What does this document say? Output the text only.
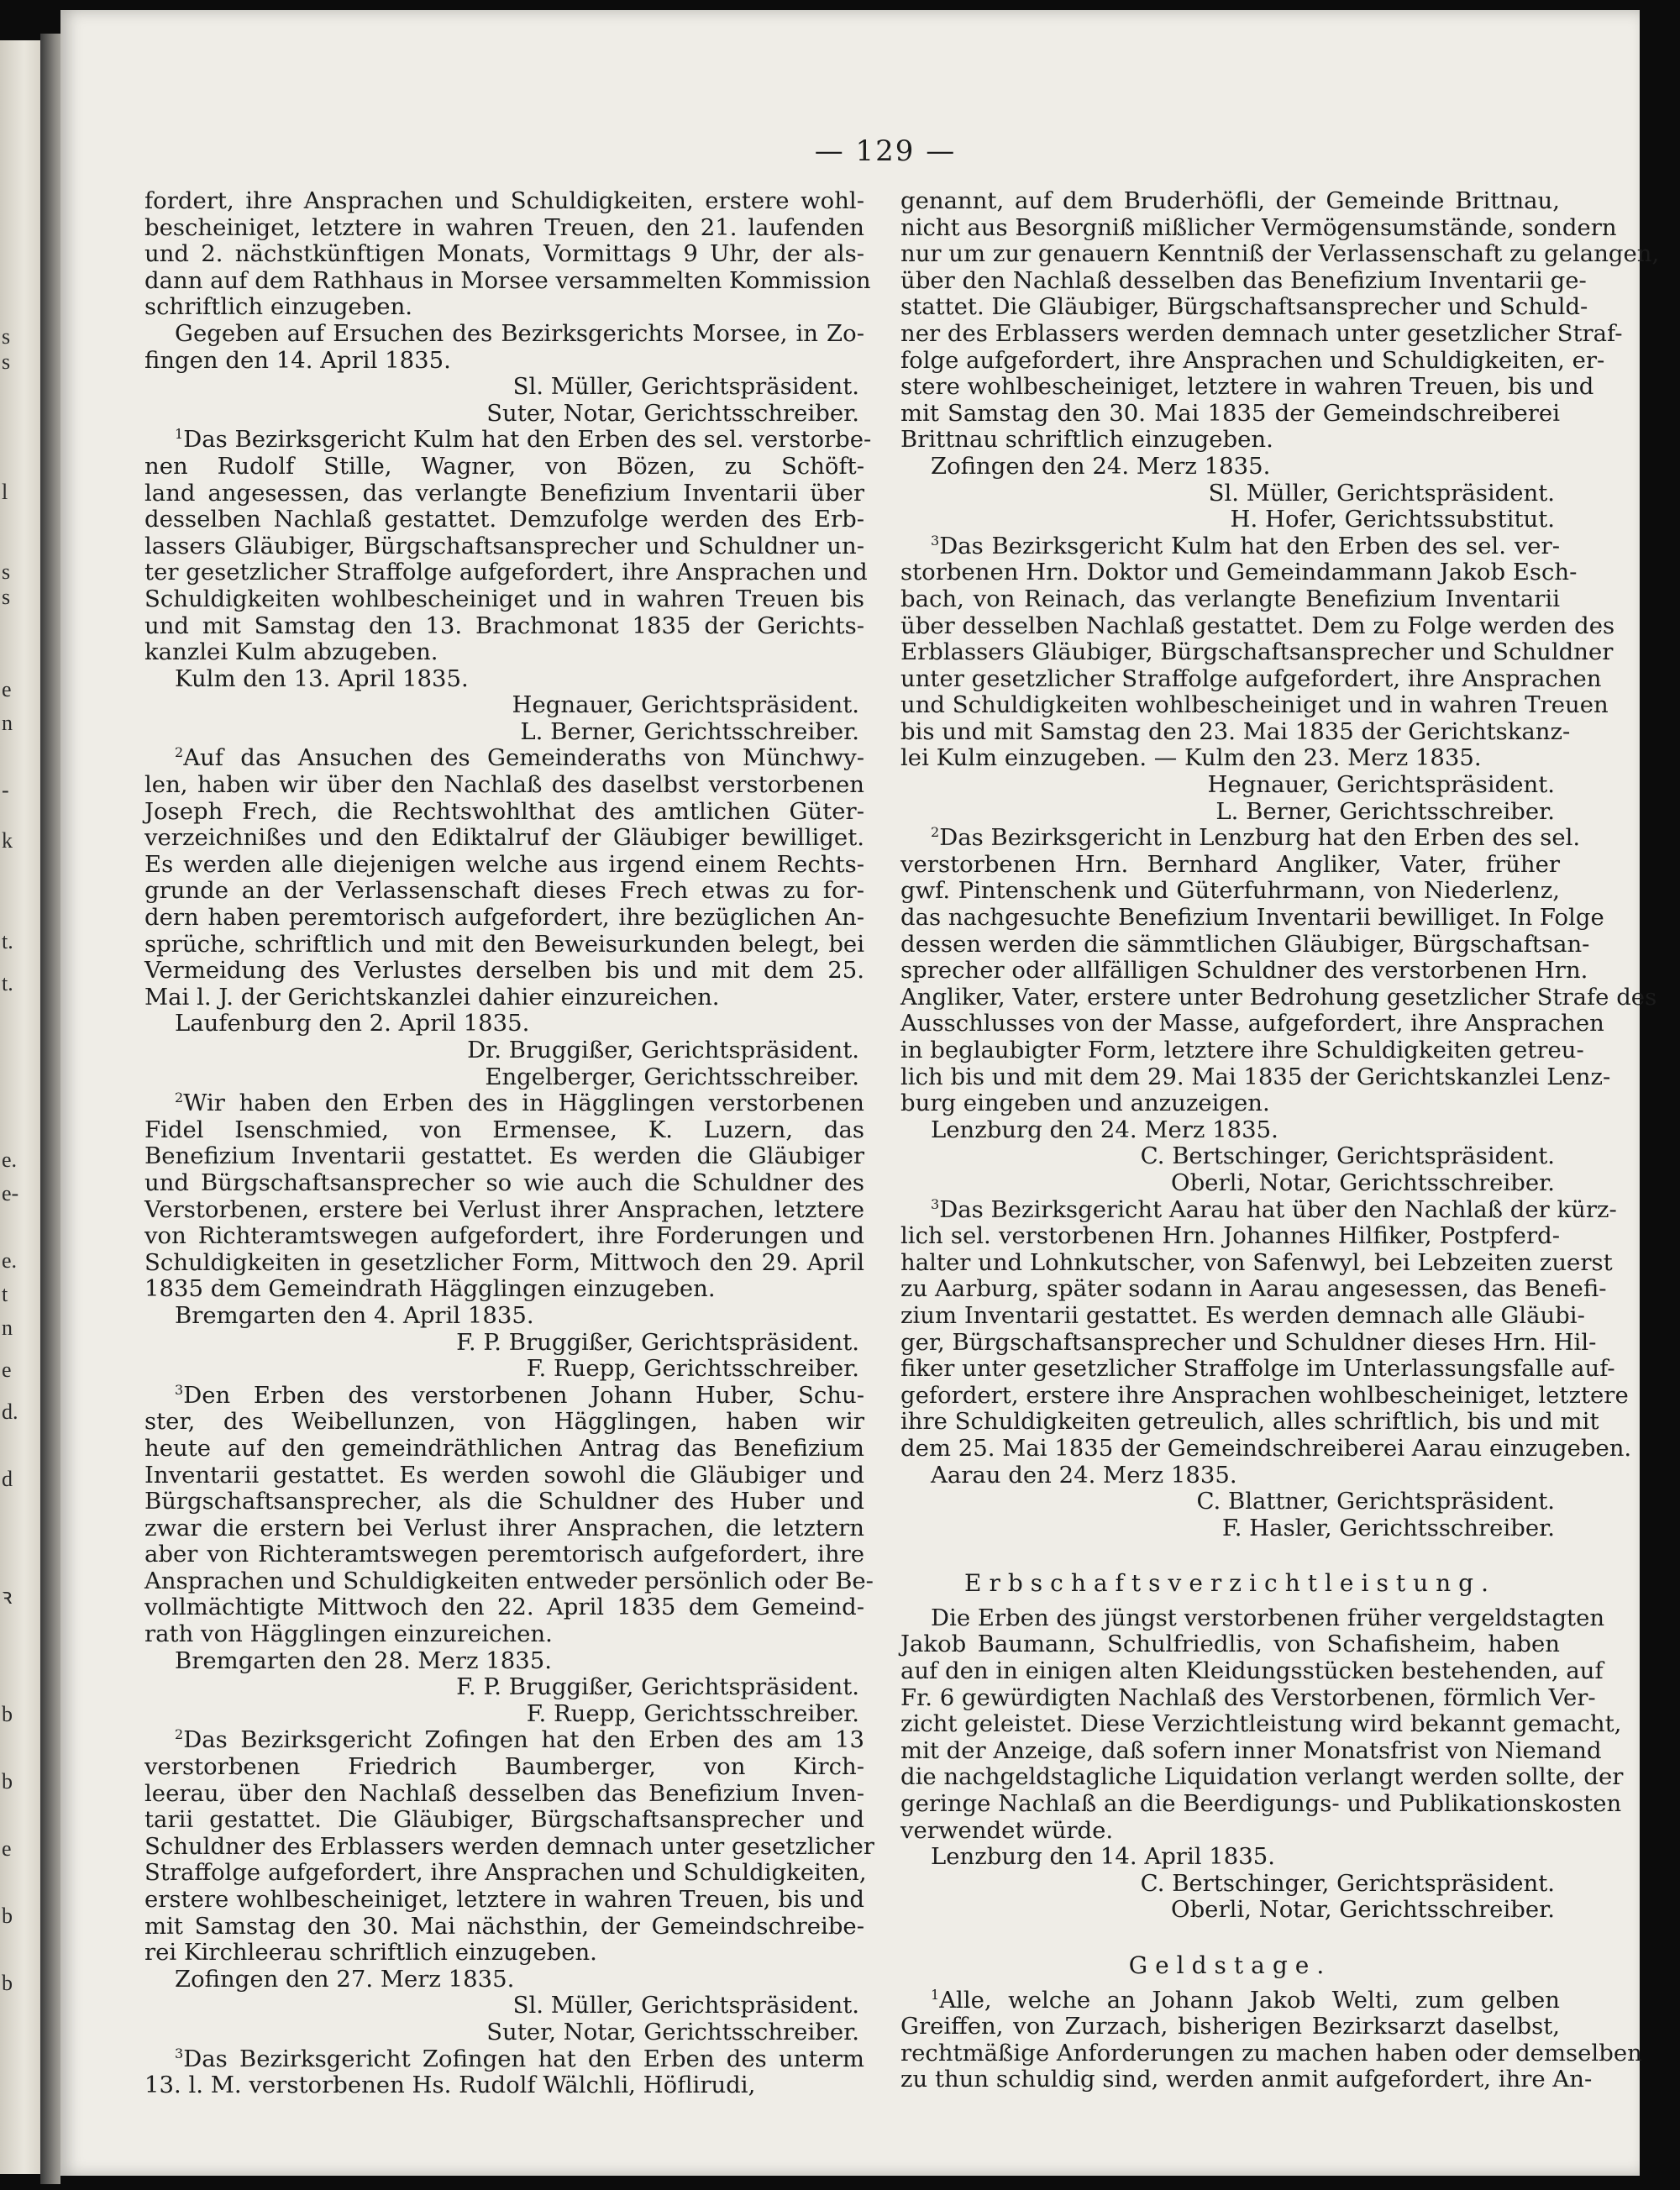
s
s
l
s
s
e
n
-
k
t.
t.
e.
e-
e.
t
n
e
d.
d
ꝛ
b
b
e
b
b
— 129 —
fordert, ihre Ansprachen und Schuldigkeiten, erstere wohl-
bescheiniget, letztere in wahren Treuen, den 21. laufenden
und 2. nächstkünftigen Monats, Vormittags 9 Uhr, der als-
dann auf dem Rathhaus in Morsee versammelten Kommission
schriftlich einzugeben.
Gegeben auf Ersuchen des Bezirksgerichts Morsee, in Zo-
fingen den 14. April 1835.
Sl. Müller, Gerichtspräsident.
Suter, Notar, Gerichtsschreiber.
$^1$Das Bezirksgericht Kulm hat den Erben des sel. verstorbe-
nen Rudolf Stille, Wagner, von Bözen, zu Schöft-
land angesessen, das verlangte Benefizium Inventarii über
desselben Nachlaß gestattet. Demzufolge werden des Erb-
lassers Gläubiger, Bürgschaftsansprecher und Schuldner un-
ter gesetzlicher Straffolge aufgefordert, ihre Ansprachen und
Schuldigkeiten wohlbescheiniget und in wahren Treuen bis
und mit Samstag den 13. Brachmonat 1835 der Gerichts-
kanzlei Kulm abzugeben.
Kulm den 13. April 1835.
Hegnauer, Gerichtspräsident.
L. Berner, Gerichtsschreiber.
$^2$Auf das Ansuchen des Gemeinderaths von Münchwy-
len, haben wir über den Nachlaß des daselbst verstorbenen
Joseph Frech, die Rechtswohlthat des amtlichen Güter-
verzeichnißes und den Ediktalruf der Gläubiger bewilliget.
Es werden alle diejenigen welche aus irgend einem Rechts-
grunde an der Verlassenschaft dieses Frech etwas zu for-
dern haben peremtorisch aufgefordert, ihre bezüglichen An-
sprüche, schriftlich und mit den Beweisurkunden belegt, bei
Vermeidung des Verlustes derselben bis und mit dem 25.
Mai l. J. der Gerichtskanzlei dahier einzureichen.
Laufenburg den 2. April 1835.
Dr. Bruggißer, Gerichtspräsident.
Engelberger, Gerichtsschreiber.
$^2$Wir haben den Erben des in Hägglingen verstorbenen
Fidel Isenschmied, von Ermensee, K. Luzern, das
Benefizium Inventarii gestattet. Es werden die Gläubiger
und Bürgschaftsansprecher so wie auch die Schuldner des
Verstorbenen, erstere bei Verlust ihrer Ansprachen, letztere
von Richteramtswegen aufgefordert, ihre Forderungen und
Schuldigkeiten in gesetzlicher Form, Mittwoch den 29. April
1835 dem Gemeindrath Hägglingen einzugeben.
Bremgarten den 4. April 1835.
F. P. Bruggißer, Gerichtspräsident.
F. Ruepp, Gerichtsschreiber.
$^3$Den Erben des verstorbenen Johann Huber, Schu-
ster, des Weibellunzen, von Hägglingen, haben wir
heute auf den gemeindräthlichen Antrag das Benefizium
Inventarii gestattet. Es werden sowohl die Gläubiger und
Bürgschaftsansprecher, als die Schuldner des Huber und
zwar die erstern bei Verlust ihrer Ansprachen, die letztern
aber von Richteramtswegen peremtorisch aufgefordert, ihre
Ansprachen und Schuldigkeiten entweder persönlich oder Be-
vollmächtigte Mittwoch den 22. April 1835 dem Gemeind-
rath von Hägglingen einzureichen.
Bremgarten den 28. Merz 1835.
F. P. Bruggißer, Gerichtspräsident.
F. Ruepp, Gerichtsschreiber.
$^2$Das Bezirksgericht Zofingen hat den Erben des am 13
verstorbenen Friedrich Baumberger, von Kirch-
leerau, über den Nachlaß desselben das Benefizium Inven-
tarii gestattet. Die Gläubiger, Bürgschaftsansprecher und
Schuldner des Erblassers werden demnach unter gesetzlicher
Straffolge aufgefordert, ihre Ansprachen und Schuldigkeiten,
erstere wohlbescheiniget, letztere in wahren Treuen, bis und
mit Samstag den 30. Mai nächsthin, der Gemeindschreibe-
rei Kirchleerau schriftlich einzugeben.
Zofingen den 27. Merz 1835.
Sl. Müller, Gerichtspräsident.
Suter, Notar, Gerichtsschreiber.
$^3$Das Bezirksgericht Zofingen hat den Erben des unterm
13. l. M. verstorbenen Hs. Rudolf Wälchli, Höflirudi,
genannt, auf dem Bruderhöfli, der Gemeinde Brittnau,
nicht aus Besorgniß mißlicher Vermögensumstände, sondern
nur um zur genauern Kenntniß der Verlassenschaft zu gelangen,
über den Nachlaß desselben das Benefizium Inventarii ge-
stattet. Die Gläubiger, Bürgschaftsansprecher und Schuld-
ner des Erblassers werden demnach unter gesetzlicher Straf-
folge aufgefordert, ihre Ansprachen und Schuldigkeiten, er-
stere wohlbescheiniget, letztere in wahren Treuen, bis und
mit Samstag den 30. Mai 1835 der Gemeindschreiberei
Brittnau schriftlich einzugeben.
Zofingen den 24. Merz 1835.
Sl. Müller, Gerichtspräsident.
H. Hofer, Gerichtssubstitut.
$^3$Das Bezirksgericht Kulm hat den Erben des sel. ver-
storbenen Hrn. Doktor und Gemeindammann Jakob Esch-
bach, von Reinach, das verlangte Benefizium Inventarii
über desselben Nachlaß gestattet. Dem zu Folge werden des
Erblassers Gläubiger, Bürgschaftsansprecher und Schuldner
unter gesetzlicher Straffolge aufgefordert, ihre Ansprachen
und Schuldigkeiten wohlbescheiniget und in wahren Treuen
bis und mit Samstag den 23. Mai 1835 der Gerichtskanz-
lei Kulm einzugeben. — Kulm den 23. Merz 1835.
Hegnauer, Gerichtspräsident.
L. Berner, Gerichtsschreiber.
$^2$Das Bezirksgericht in Lenzburg hat den Erben des sel.
verstorbenen Hrn. Bernhard Angliker, Vater, früher
gwf. Pintenschenk und Güterfuhrmann, von Niederlenz,
das nachgesuchte Benefizium Inventarii bewilliget. In Folge
dessen werden die sämmtlichen Gläubiger, Bürgschaftsan-
sprecher oder allfälligen Schuldner des verstorbenen Hrn.
Angliker, Vater, erstere unter Bedrohung gesetzlicher Strafe des
Ausschlusses von der Masse, aufgefordert, ihre Ansprachen
in beglaubigter Form, letztere ihre Schuldigkeiten getreu-
lich bis und mit dem 29. Mai 1835 der Gerichtskanzlei Lenz-
burg eingeben und anzuzeigen.
Lenzburg den 24. Merz 1835.
C. Bertschinger, Gerichtspräsident.
Oberli, Notar, Gerichtsschreiber.
$^3$Das Bezirksgericht Aarau hat über den Nachlaß der kürz-
lich sel. verstorbenen Hrn. Johannes Hilfiker, Postpferd-
halter und Lohnkutscher, von Safenwyl, bei Lebzeiten zuerst
zu Aarburg, später sodann in Aarau angesessen, das Benefi-
zium Inventarii gestattet. Es werden demnach alle Gläubi-
ger, Bürgschaftsansprecher und Schuldner dieses Hrn. Hil-
fiker unter gesetzlicher Straffolge im Unterlassungsfalle auf-
gefordert, erstere ihre Ansprachen wohlbescheiniget, letztere
ihre Schuldigkeiten getreulich, alles schriftlich, bis und mit
dem 25. Mai 1835 der Gemeindschreiberei Aarau einzugeben.
Aarau den 24. Merz 1835.
C. Blattner, Gerichtspräsident.
F. Hasler, Gerichtsschreiber.
Erbschaftsverzichtleistung.
Die Erben des jüngst verstorbenen früher vergeldstagten
Jakob Baumann, Schulfriedlis, von Schafisheim, haben
auf den in einigen alten Kleidungsstücken bestehenden, auf
Fr. 6 gewürdigten Nachlaß des Verstorbenen, förmlich Ver-
zicht geleistet. Diese Verzichtleistung wird bekannt gemacht,
mit der Anzeige, daß sofern inner Monatsfrist von Niemand
die nachgeldstagliche Liquidation verlangt werden sollte, der
geringe Nachlaß an die Beerdigungs- und Publikationskosten
verwendet würde.
Lenzburg den 14. April 1835.
C. Bertschinger, Gerichtspräsident.
Oberli, Notar, Gerichtsschreiber.
Geldstage.
$^1$Alle, welche an Johann Jakob Welti, zum gelben
Greiffen, von Zurzach, bisherigen Bezirksarzt daselbst,
rechtmäßige Anforderungen zu machen haben oder demselben
zu thun schuldig sind, werden anmit aufgefordert, ihre An-
